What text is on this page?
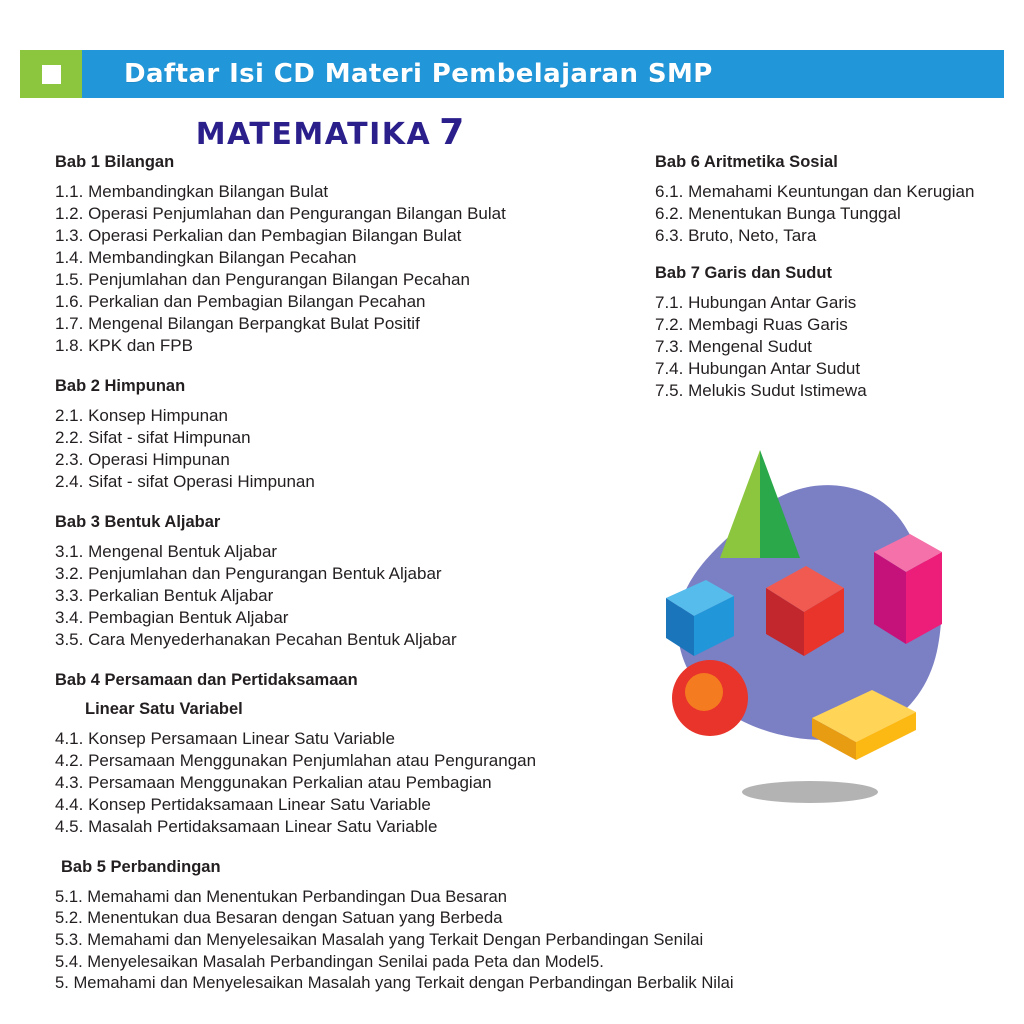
Daftar Isi CD Materi Pembelajaran SMP
MATEMATIKA 7
Bab 1 Bilangan
1.1. Membandingkan Bilangan Bulat
1.2. Operasi Penjumlahan dan Pengurangan Bilangan Bulat
1.3. Operasi Perkalian dan Pembagian Bilangan Bulat
1.4. Membandingkan Bilangan Pecahan
1.5. Penjumlahan dan Pengurangan Bilangan Pecahan
1.6. Perkalian dan Pembagian Bilangan Pecahan
1.7. Mengenal Bilangan Berpangkat Bulat Positif
1.8. KPK dan FPB
Bab 2 Himpunan
2.1. Konsep Himpunan
2.2. Sifat - sifat Himpunan
2.3. Operasi Himpunan
2.4. Sifat - sifat Operasi Himpunan
Bab 3 Bentuk Aljabar
3.1. Mengenal Bentuk Aljabar
3.2. Penjumlahan dan Pengurangan Bentuk Aljabar
3.3. Perkalian Bentuk Aljabar
3.4. Pembagian Bentuk Aljabar
3.5. Cara Menyederhanakan Pecahan Bentuk Aljabar
Bab 4 Persamaan dan Pertidaksamaan
Linear Satu Variabel
4.1. Konsep Persamaan Linear Satu Variable
4.2. Persamaan Menggunakan Penjumlahan atau Pengurangan
4.3. Persamaan Menggunakan Perkalian atau Pembagian
4.4. Konsep Pertidaksamaan Linear Satu Variable
4.5. Masalah Pertidaksamaan Linear Satu Variable
Bab 5 Perbandingan
5.1. Memahami dan Menentukan Perbandingan Dua Besaran
5.2. Menentukan dua Besaran dengan Satuan yang Berbeda
5.3. Memahami dan Menyelesaikan Masalah yang Terkait Dengan Perbandingan Senilai
5.4. Menyelesaikan Masalah Perbandingan Senilai pada Peta dan Model5.
5. Memahami dan Menyelesaikan Masalah yang Terkait dengan Perbandingan Berbalik Nilai
Bab 6 Aritmetika Sosial
6.1. Memahami Keuntungan dan Kerugian
6.2. Menentukan Bunga Tunggal
6.3. Bruto, Neto, Tara
Bab 7 Garis dan Sudut
7.1. Hubungan Antar Garis
7.2. Membagi Ruas Garis
7.3. Mengenal Sudut
7.4. Hubungan Antar Sudut
7.5. Melukis Sudut Istimewa
